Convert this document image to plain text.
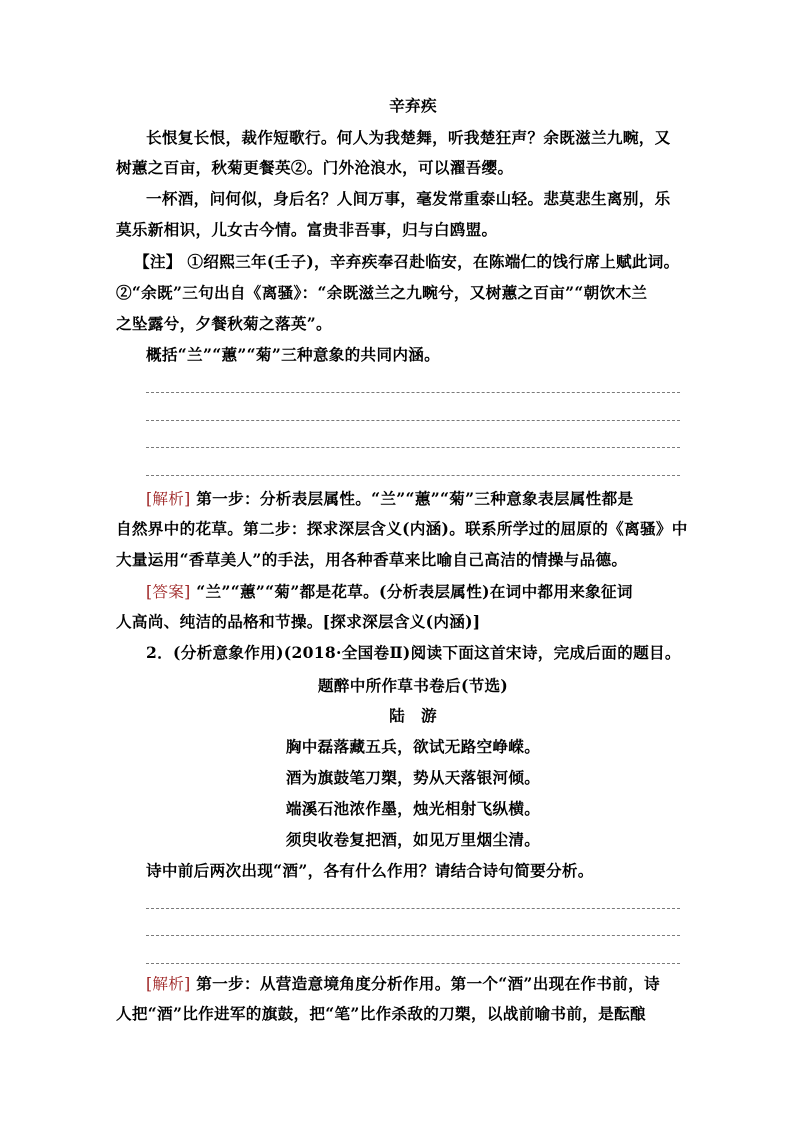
辛弃疾
长恨复长恨，裁作短歌行。何人为我楚舞，听我楚狂声？余既滋兰九畹，又
树蕙之百亩，秋菊更餐英②。门外沧浪水，可以濯吾缨。
一杯酒，问何似，身后名？人间万事，毫发常重泰山轻。悲莫悲生离别，乐
莫乐新相识，儿女古今情。富贵非吾事，归与白鸥盟。
【注】 ①绍熙三年(壬子)，辛弃疾奉召赴临安，在陈端仁的饯行席上赋此词。
②“余既”三句出自《离骚》：“余既滋兰之九畹兮，又树蕙之百亩”“朝饮木兰
之坠露兮，夕餐秋菊之落英”。
概括“兰”“蕙”“菊”三种意象的共同内涵。
[解析] 第一步：分析表层属性。“兰”“蕙”“菊”三种意象表层属性都是
自然界中的花草。第二步：探求深层含义(内涵)。联系所学过的屈原的《离骚》中
大量运用“香草美人”的手法，用各种香草来比喻自己高洁的情操与品德。
[答案] “兰”“蕙”“菊”都是花草。(分析表层属性)在词中都用来象征词
人高尚、纯洁的品格和节操。[探求深层含义(内涵)]
2．(分析意象作用)(2018·全国卷Ⅱ)阅读下面这首宋诗，完成后面的题目。
题醉中所作草书卷后(节选)
陆　游
胸中磊落藏五兵，欲试无路空峥嵘。
酒为旗鼓笔刀槊，势从天落银河倾。
端溪石池浓作墨，烛光相射飞纵横。
须臾收卷复把酒，如见万里烟尘清。
诗中前后两次出现“酒”，各有什么作用？请结合诗句简要分析。
[解析] 第一步：从营造意境角度分析作用。第一个“酒”出现在作书前，诗
人把“酒”比作进军的旗鼓，把“笔”比作杀敌的刀槊，以战前喻书前，是酝酿
